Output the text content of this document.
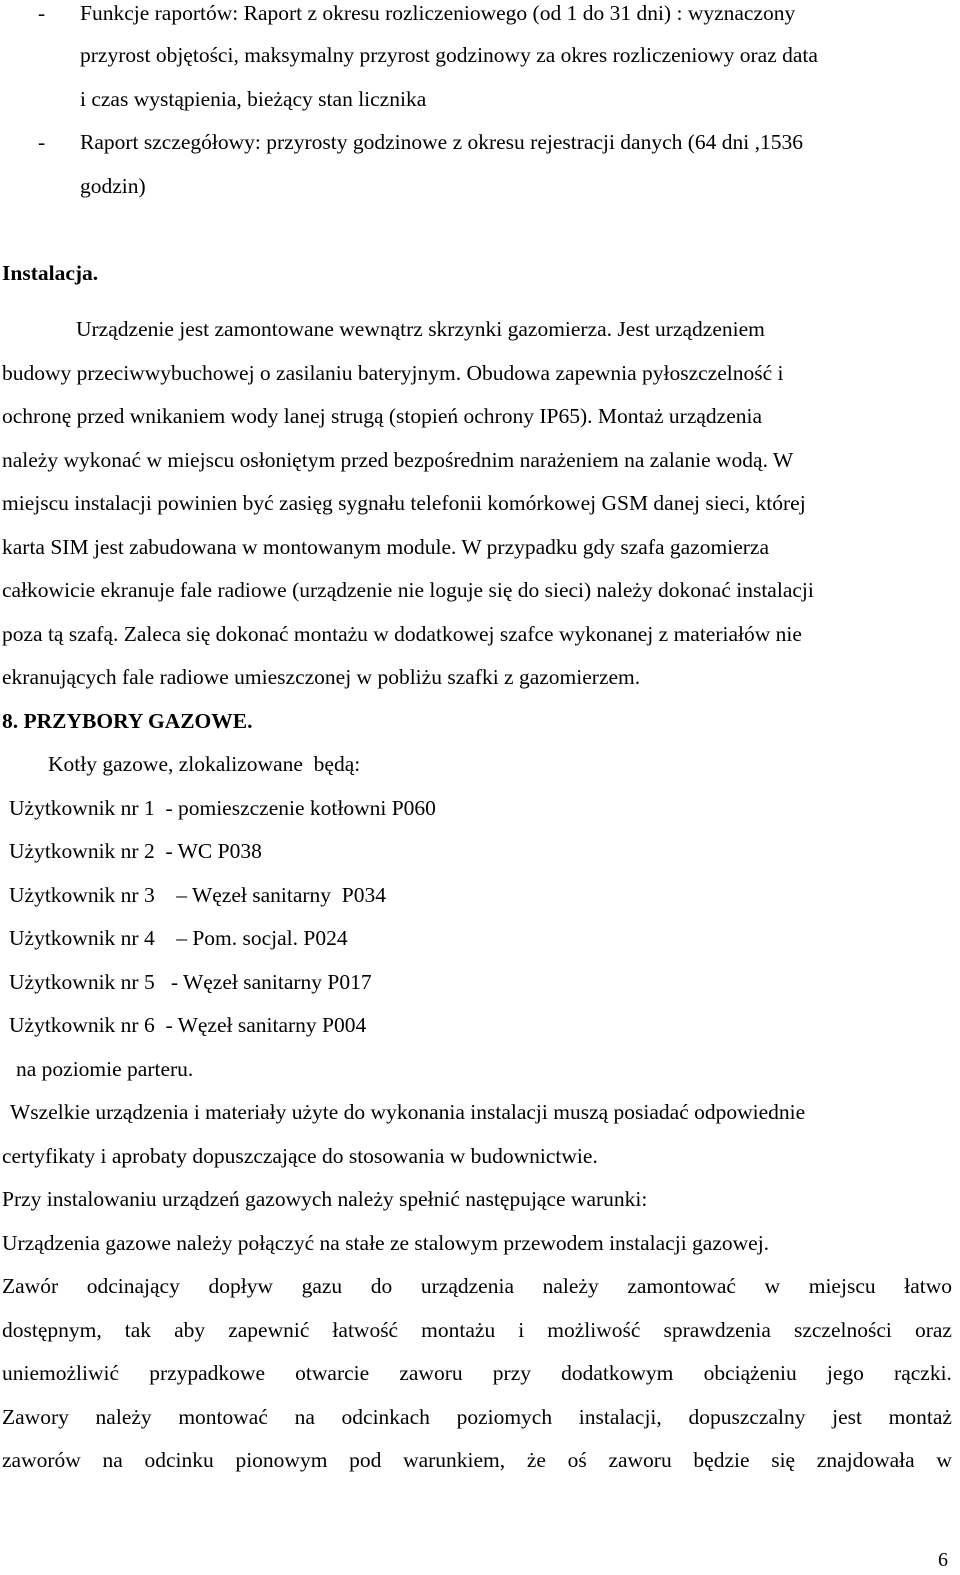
- Funkcje raportów: Raport z okresu rozliczeniowego (od 1 do 31 dni) : wyznaczony
przyrost objętości, maksymalny przyrost godzinowy za okres rozliczeniowy oraz data
i czas wystąpienia, bieżący stan licznika
- Raport szczegółowy: przyrosty godzinowe z okresu rejestracji danych (64 dni ,1536
godzin)
Instalacja.
Urządzenie jest zamontowane wewnątrz skrzynki gazomierza. Jest urządzeniem
budowy przeciwwybuchowej o zasilaniu bateryjnym. Obudowa zapewnia pyłoszczelność i
ochronę przed wnikaniem wody lanej strugą (stopień ochrony IP65). Montaż urządzenia
należy wykonać w miejscu osłoniętym przed bezpośrednim narażeniem na zalanie wodą. W
miejscu instalacji powinien być zasięg sygnału telefonii komórkowej GSM danej sieci, której
karta SIM jest zabudowana w montowanym module. W przypadku gdy szafa gazomierza
całkowicie ekranuje fale radiowe (urządzenie nie loguje się do sieci) należy dokonać instalacji
poza tą szafą. Zaleca się dokonać montażu w dodatkowej szafce wykonanej z materiałów nie
ekranujących fale radiowe umieszczonej w pobliżu szafki z gazomierzem.
8. PRZYBORY GAZOWE.
Kotły gazowe, zlokalizowane  będą:
Użytkownik nr 1  - pomieszczenie kotłowni P060
Użytkownik nr 2  - WC P038
Użytkownik nr 3    – Węzeł sanitarny  P034
Użytkownik nr 4    – Pom. socjal. P024
Użytkownik nr 5   - Węzeł sanitarny P017
Użytkownik nr 6  - Węzeł sanitarny P004
na poziomie parteru.
Wszelkie urządzenia i materiały użyte do wykonania instalacji muszą posiadać odpowiednie
certyfikaty i aprobaty dopuszczające do stosowania w budownictwie.
Przy instalowaniu urządzeń gazowych należy spełnić następujące warunki:
Urządzenia gazowe należy połączyć na stałe ze stalowym przewodem instalacji gazowej.
Zawór odcinający dopływ gazu do urządzenia należy zamontować w miejscu łatwo
dostępnym, tak aby zapewnić łatwość montażu i możliwość sprawdzenia szczelności oraz
uniemożliwić przypadkowe otwarcie zaworu przy dodatkowym obciążeniu jego rączki.
Zawory należy montować na odcinkach poziomych instalacji, dopuszczalny jest montaż
zaworów na odcinku pionowym pod warunkiem, że oś zaworu będzie się znajdowała w
6
